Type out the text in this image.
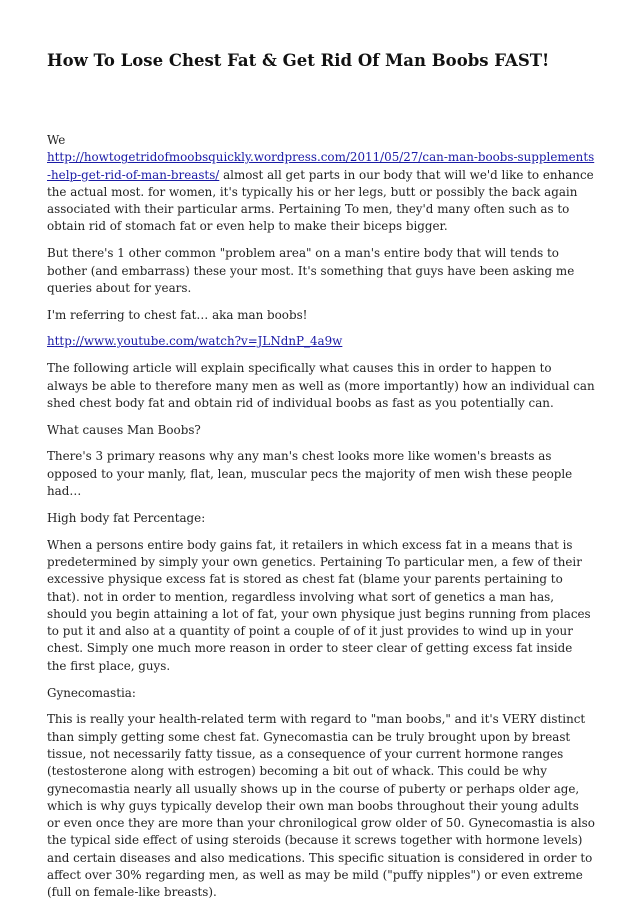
How To Lose Chest Fat & Get Rid Of Man Boobs FAST!

We
http://howtogetridofmoobsquickly.wordpress.com/2011/05/27/can-man-boobs-supplements-help-get-rid-of-man-breasts/ almost all get parts in our body that will we'd like to enhance the actual most. for women, it's typically his or her legs, butt or possibly the back again associated with their particular arms. Pertaining To men, they'd many often such as to obtain rid of stomach fat or even help to make their biceps bigger.

But there's 1 other common "problem area" on a man's entire body that will tends to bother (and embarrass) these your most. It's something that guys have been asking me queries about for years.

I'm referring to chest fat… aka man boobs!

http://www.youtube.com/watch?v=JLNdnP_4a9w

The following article will explain specifically what causes this in order to happen to always be able to therefore many men as well as (more importantly) how an individual can shed chest body fat and obtain rid of individual boobs as fast as you potentially can.

What causes Man Boobs?

There's 3 primary reasons why any man's chest looks more like women's breasts as opposed to your manly, flat, lean, muscular pecs the majority of men wish these people had…

High body fat Percentage:

When a persons entire body gains fat, it retailers in which excess fat in a means that is predetermined by simply your own genetics. Pertaining To particular men, a few of their excessive physique excess fat is stored as chest fat (blame your parents pertaining to that). not in order to mention, regardless involving what sort of genetics a man has, should you begin attaining a lot of fat, your own physique just begins running from places to put it and also at a quantity of point a couple of of it just provides to wind up in your chest. Simply one much more reason in order to steer clear of getting excess fat inside the first place, guys.

Gynecomastia:

This is really your health-related term with regard to "man boobs," and it's VERY distinct than simply getting some chest fat. Gynecomastia can be truly brought upon by breast tissue, not necessarily fatty tissue, as a consequence of your current hormone ranges (testosterone along with estrogen) becoming a bit out of whack. This could be why gynecomastia nearly all usually shows up in the course of puberty or perhaps older age, which is why guys typically develop their own man boobs throughout their young adults or even once they are more than your chronilogical grow older of 50. Gynecomastia is also the typical side effect of using steroids (because it screws together with hormone levels) and certain diseases and also medications. This specific situation is considered in order to affect over 30% regarding men, as well as may be mild ("puffy nipples") or even extreme (full on female-like breasts).
